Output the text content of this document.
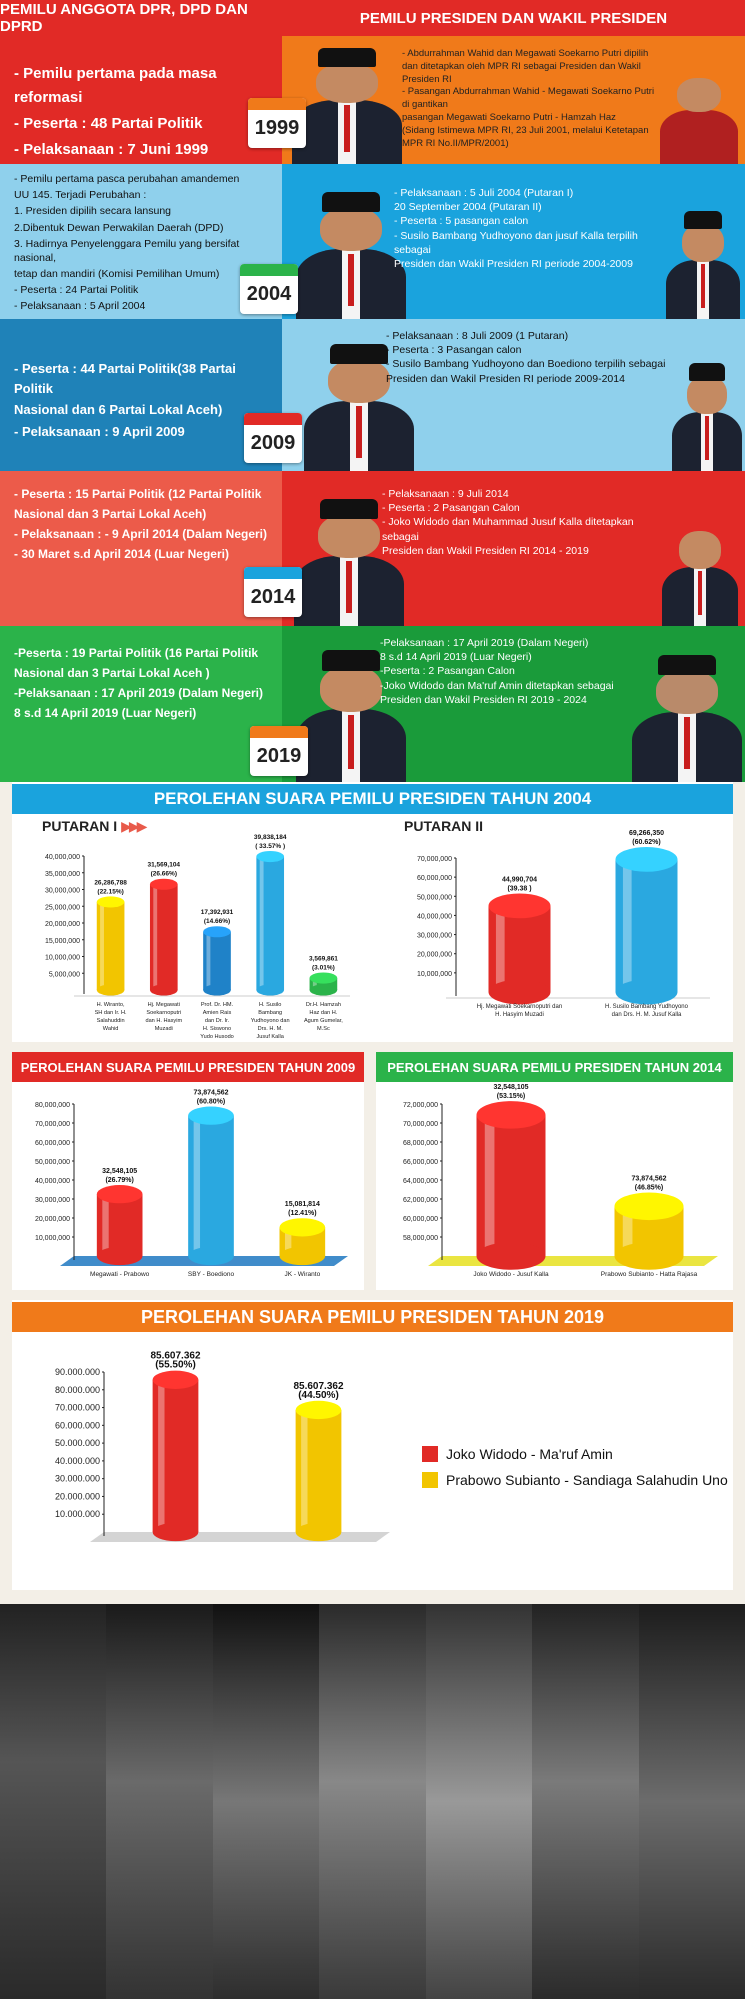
PEMILU ANGGOTA DPR, DPD DAN DPRD	PEMILU PRESIDEN DAN WAKIL PRESIDEN

- Pemilu pertama pada masa reformasi

- Peserta : 48 Partai Politik

- Pelaksanaan : 7 Juni 1999

- Abdurrahman Wahid dan Megawati Soekarno Putri dipilih

dan ditetapkan oleh MPR RI sebagai Presiden dan Wakil Presiden RI

- Pasangan Abdurrahman Wahid - Megawati Soekarno Putri di gantikan

pasangan Megawati Soekarno Putri - Hamzah Haz

(Sidang Istimewa MPR RI, 23 Juli 2001, melalui Ketetapan

MPR RI No.II/MPR/2001)

1999

- Pemilu pertama pasca perubahan amandemen

UU 145. Terjadi Perubahan :

1. Presiden dipilih secara lansung

2.Dibentuk Dewan Perwakilan Daerah (DPD)

3. Hadirnya Penyelenggara Pemilu yang bersifat nasional,

tetap dan mandiri (Komisi Pemilihan Umum)

- Peserta : 24 Partai Politik

- Pelaksanaan : 5 April 2004

- Pelaksanaan : 5 Juli 2004 (Putaran I)

20 September 2004 (Putaran II)

- Peserta : 5 pasangan calon

- Susilo Bambang Yudhoyono dan jusuf Kalla terpilih sebagai

Presiden dan Wakil Presiden RI periode 2004-2009

2004

- Peserta : 44 Partai Politik(38 Partai Politik

Nasional dan 6 Partai Lokal Aceh)

- Pelaksanaan : 9 April 2009

- Pelaksanaan : 8 Juli 2009 (1 Putaran)

- Peserta : 3 Pasangan calon

- Susilo Bambang Yudhoyono dan Boediono terpilih sebagai

Presiden dan Wakil Presiden RI periode 2009-2014

2009

- Peserta : 15 Partai Politik (12 Partai Politik

Nasional dan 3 Partai Lokal Aceh)

- Pelaksanaan : - 9 April 2014 (Dalam Negeri)

- 30 Maret s.d April 2014 (Luar Negeri)

- Pelaksanaan : 9 Juli 2014

- Peserta : 2 Pasangan Calon

- Joko Widodo dan Muhammad Jusuf Kalla ditetapkan sebagai

Presiden dan Wakil Presiden RI 2014 - 2019

2014

-Peserta : 19 Partai Politik (16 Partai Politik

Nasional dan 3 Partai Lokal Aceh )

-Pelaksanaan : 17 April 2019 (Dalam Negeri)

8 s.d 14 April 2019 (Luar Negeri)

-Pelaksanaan : 17 April 2019 (Dalam Negeri)

8 s.d 14 April 2019 (Luar Negeri)

-Peserta : 2 Pasangan Calon

-Joko Widodo dan Ma'ruf Amin ditetapkan sebagai

Presiden dan Wakil Presiden RI 2019 - 2024

2019
PEROLEHAN SUARA PEMILU PRESIDEN TAHUN 2004
PUTARAN I ▶▶▶	PUTARAN II
5,000,000
10,000,000
15,000,000
20,000,000
25,000,000
30,000,000
35,000,000
40,000,000
26,286,788
(22.15%)
H. Wiranto,
SH dan Ir. H.
Salahuddin
Wahid
31,569,104
(26.66%)
Hj. Megawati
Soekarnoputri
dan H. Hasyim
Muzadi
17,392,931
(14.66%)
Prof. Dr. HM.
Amien Rais
dan Dr. Ir.
H. Siswono
Yudo Husodo
39,838,184
( 33.57% )
H. Susilo
Bambang
Yudhoyono dan
Drs. H. M.
Jusuf Kalla
3,569,861
(3.01%)
Dr.H. Hamzah
Haz dan H.
Agum Gumelar,
M.Sc
10,000,000
20,000,000
30,000,000
40,000,000
50,000,000
60,000,000
70,000,000
44,990,704
(39.38 )
Hj. Megawati Soekarnoputri dan
H. Hasyim Muzadi
69,266,350
(60.62%)
H. Susilo Bambang Yudhoyono
dan Drs. H. M. Jusuf Kalla
PEROLEHAN SUARA PEMILU PRESIDEN TAHUN 2009
10,000,000
20,000,000
30,000,000
40,000,000
50,000,000
60,000,000
70,000,000
80,000,000
32,548,105
(26.79%)
Megawati - Prabowo
73,874,562
(60.80%)
SBY - Boediono
15,081,814
(12.41%)
JK - Wiranto
PEROLEHAN SUARA PEMILU PRESIDEN TAHUN 2014
58,000,000
60,000,000
62,000,000
64,000,000
66,000,000
68,000,000
70,000,000
72,000,000
32,548,105
(53.15%)
Joko Widodo - Jusuf Kalla
73,874,562
(46.85%)
Prabowo Subianto - Hatta Rajasa
PEROLEHAN SUARA PEMILU PRESIDEN TAHUN 2019
10.000.000
20.000.000
30.000.000
40.000.000
50.000.000
60.000.000
70.000.000
80.000.000
90.000.000
85.607.362
(55.50%)
85.607.362
(44.50%)
Joko Widodo - Ma'ruf Amin
Prabowo Subianto - Sandiaga Salahudin Uno
